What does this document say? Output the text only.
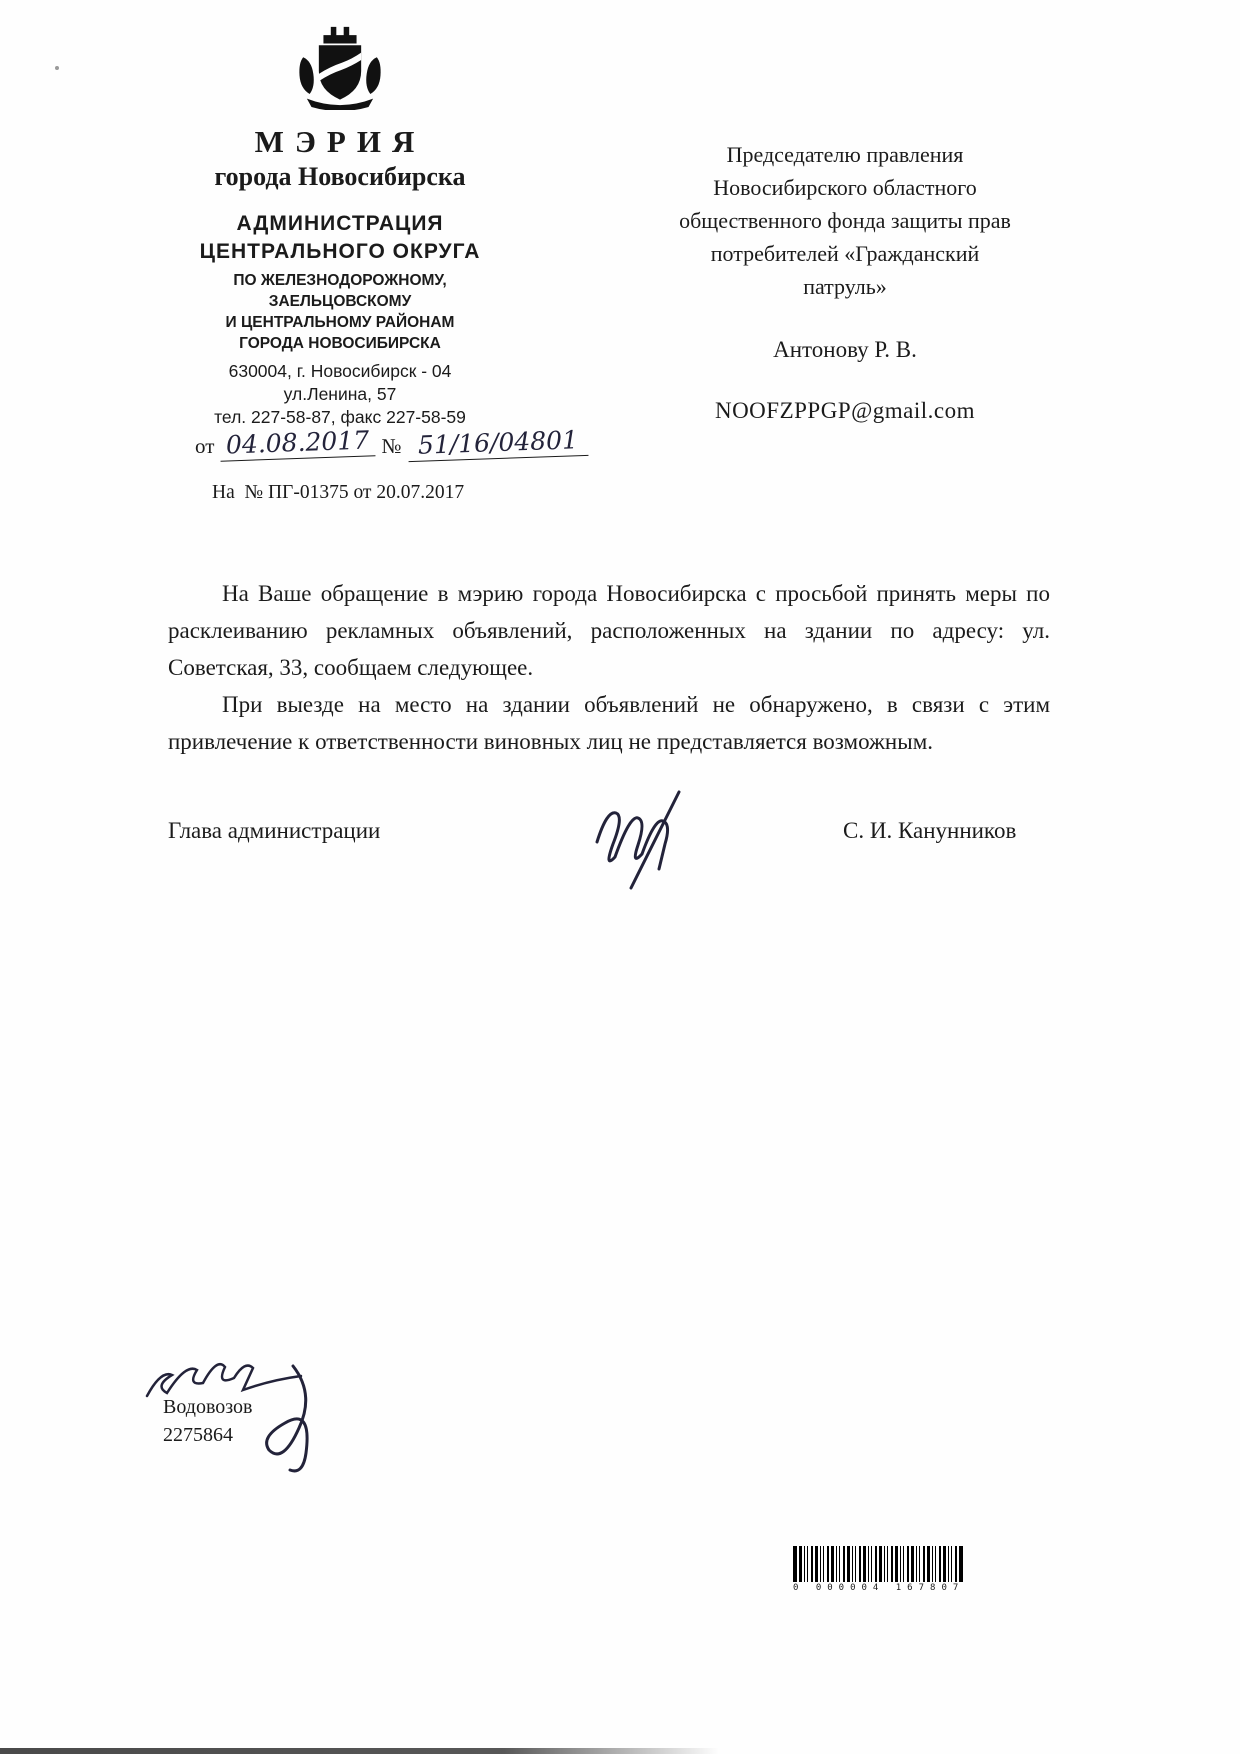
МЭРИЯ
города Новосибирска

АДМИНИСТРАЦИЯ

ЦЕНТРАЛЬНОГО ОКРУГА

ПО ЖЕЛЕЗНОДОРОЖНОМУ,

ЗАЕЛЬЦОВСКОМУ

И ЦЕНТРАЛЬНОМУ РАЙОНАМ

ГОРОДА НОВОСИБИРСКА

630004, г. Новосибирск - 04

ул.Ленина, 57

тел. 227-58-87, факс 227-58-59

от 04.08.2017 № 51/16/04801
На  № ПГ-01375 от 20.07.2017
Председателю правления
Новосибирского областного
общественного фонда защиты прав
потребителей «Гражданский
патруль»
Антонову Р. В.
NOOFZPPGP@gmail.com

На Ваше обращение в мэрию города Новосибирска с просьбой принять меры по расклеиванию рекламных объявлений, расположенных на здании по адресу: ул. Советская, 33, сообщаем следующее.

При выезде на место на здании объявлений не обнаружено, в связи с этим привлечение к ответственности виновных лиц не представляется возможным.

Глава администрации	С. И. Канунников
Водовозов
2275864
0 000004 167807
